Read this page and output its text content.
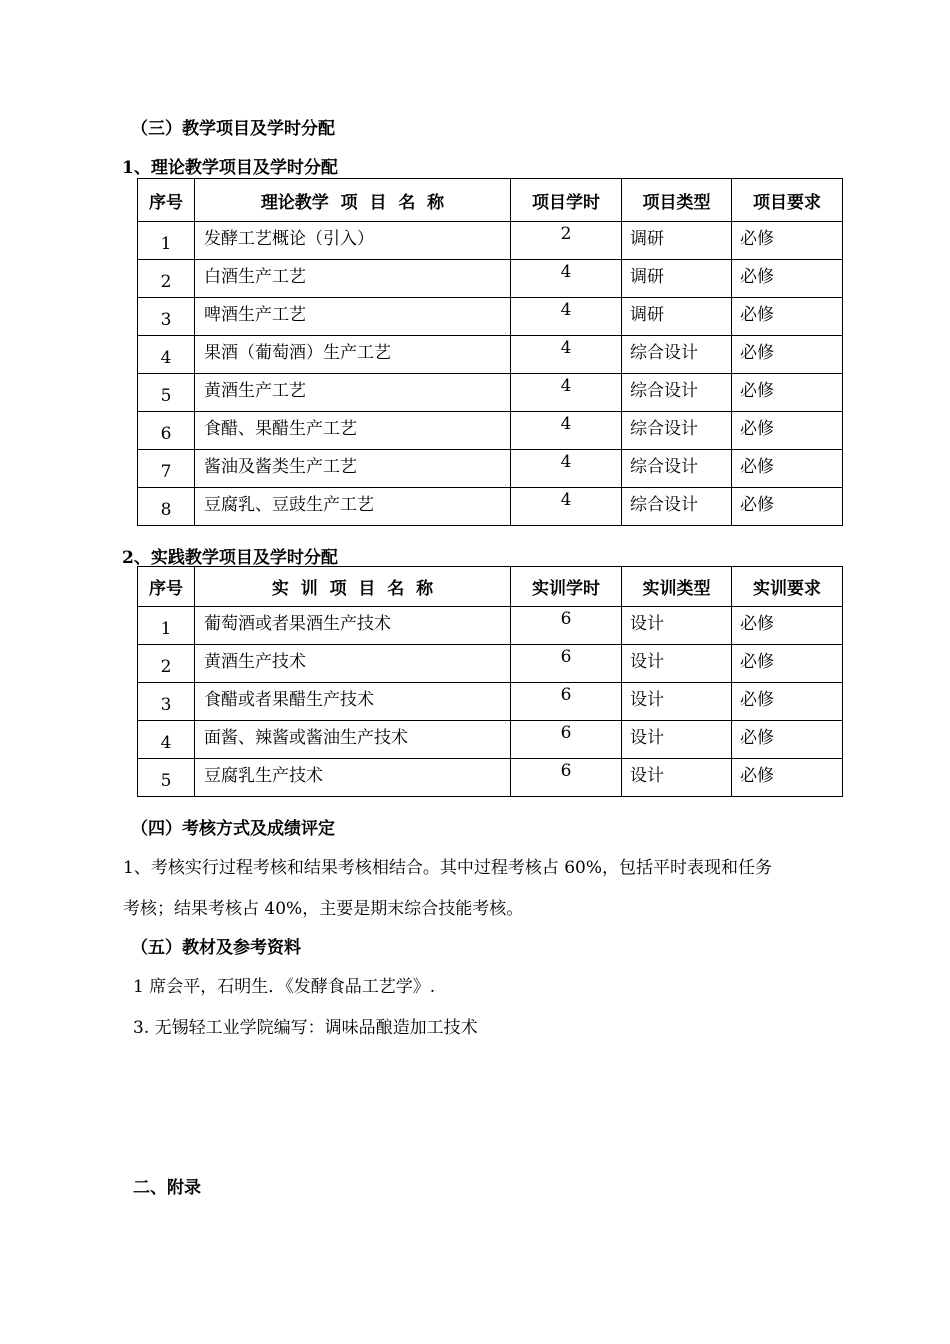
（三）教学项目及学时分配
1、理论教学项目及学时分配
序号	理论教学  项  目  名  称	项目学时	项目类型	项目要求
1	发酵工艺概论（引入）	2	调研	必修
2	白酒生产工艺	4	调研	必修
3	啤酒生产工艺	4	调研	必修
4	果酒（葡萄酒）生产工艺	4	综合设计	必修
5	黄酒生产工艺	4	综合设计	必修
6	食醋、果醋生产工艺	4	综合设计	必修
7	酱油及酱类生产工艺	4	综合设计	必修
8	豆腐乳、豆豉生产工艺	4	综合设计	必修
2、实践教学项目及学时分配
序号	实  训  项  目  名  称	实训学时	实训类型	实训要求
1	葡萄酒或者果酒生产技术	6	设计	必修
2	黄酒生产技术	6	设计	必修
3	食醋或者果醋生产技术	6	设计	必修
4	面酱、辣酱或酱油生产技术	6	设计	必修
5	豆腐乳生产技术	6	设计	必修
（四）考核方式及成绩评定
1、考核实行过程考核和结果考核相结合。其中过程考核占 60%，包括平时表现和任务
考核；结果考核占 40%，主要是期末综合技能考核。
（五）教材及参考资料
1 席会平，石明生．《发酵食品工艺学》.
3. 无锡轻工业学院编写：调味品酿造加工技术
二、附录
